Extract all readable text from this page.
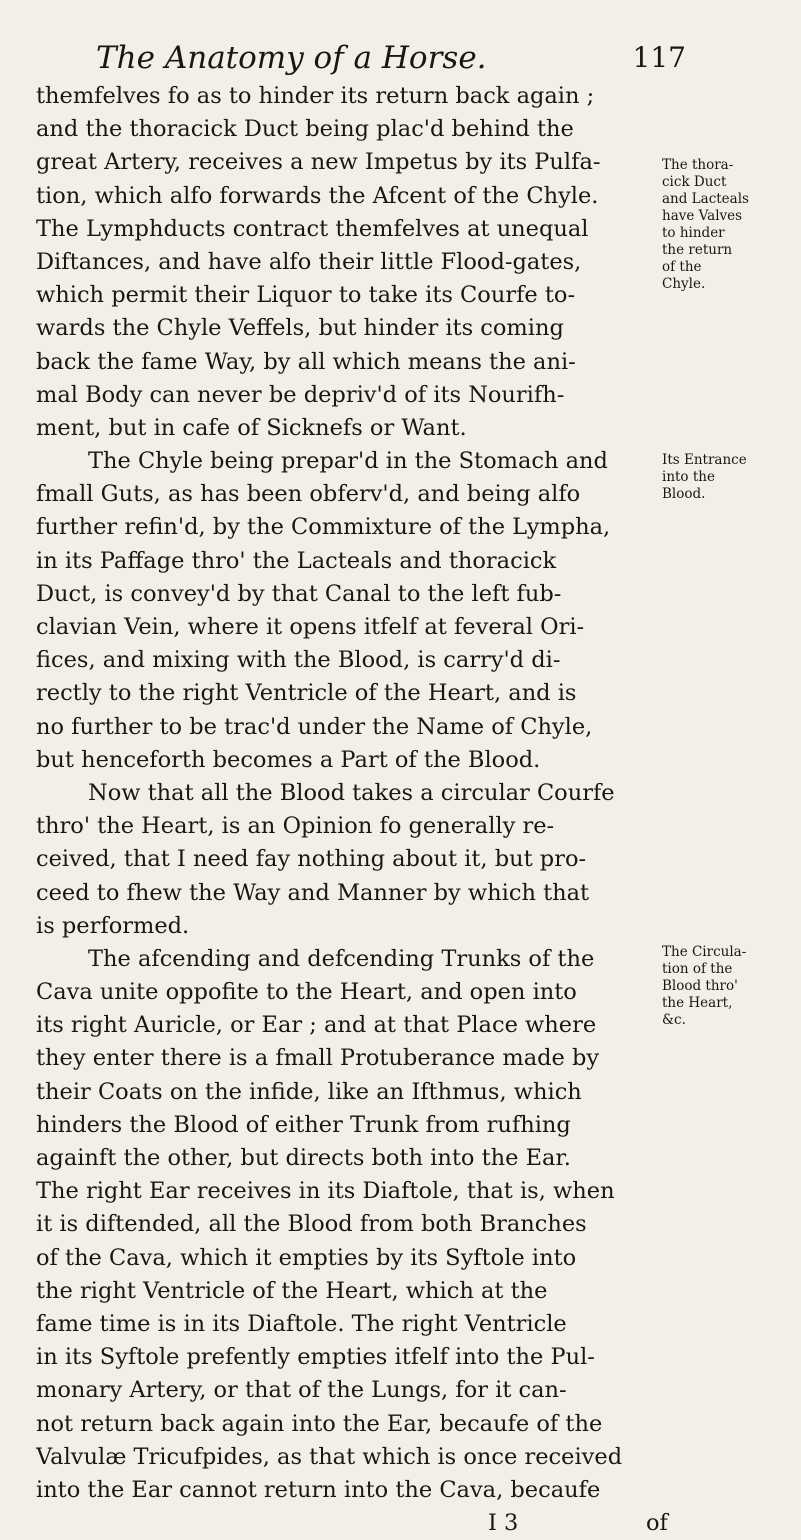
The Anatomy of a Horse.	117
themfelves fo as to hinder its return back again ;
and the thoracick Duct being plac'd behind the
great Artery, receives a new Impetus by its Pulfa-
tion, which alfo forwards the Afcent of the Chyle.
The Lymphducts contract themfelves at unequal
Diftances, and have alfo their little Flood-gates,
which permit their Liquor to take its Courfe to-
wards the Chyle Veffels, but hinder its coming
back the fame Way, by all which means the ani-
mal Body can never be depriv'd of its Nourifh-
ment, but in cafe of Sicknefs or Want.
The Chyle being prepar'd in the Stomach and
fmall Guts, as has been obferv'd, and being alfo
further refin'd, by the Commixture of the Lympha,
in its Paffage thro' the Lacteals and thoracick
Duct, is convey'd by that Canal to the left fub-
clavian Vein, where it opens itfelf at feveral Ori-
fices, and mixing with the Blood, is carry'd di-
rectly to the right Ventricle of the Heart, and is
no further to be trac'd under the Name of Chyle,
but henceforth becomes a Part of the Blood.
Now that all the Blood takes a circular Courfe
thro' the Heart, is an Opinion fo generally re-
ceived, that I need fay nothing about it, but pro-
ceed to fhew the Way and Manner by which that
is performed.
The afcending and defcending Trunks of the
Cava unite oppofite to the Heart, and open into
its right Auricle, or Ear ; and at that Place where
they enter there is a fmall Protuberance made by
their Coats on the infide, like an Ifthmus, which
hinders the Blood of either Trunk from rufhing
againft the other, but directs both into the Ear.
The right Ear receives in its Diaftole, that is, when
it is diftended, all the Blood from both Branches
of the Cava, which it empties by its Syftole into
the right Ventricle of the Heart, which at the
fame time is in its Diaftole. The right Ventricle
in its Syftole prefently empties itfelf into the Pul-
monary Artery, or that of the Lungs, for it can-
not return back again into the Ear, becaufe of the
Valvulæ Tricufpides, as that which is once received
into the Ear cannot return into the Cava, becaufe
I 3	of
The thora-
cick Duct
and Lacteals
have Valves
to hinder
the return
of the
Chyle.
Its Entrance
into the
Blood.
The Circula-
tion of the
Blood thro'
the Heart,
&c.
